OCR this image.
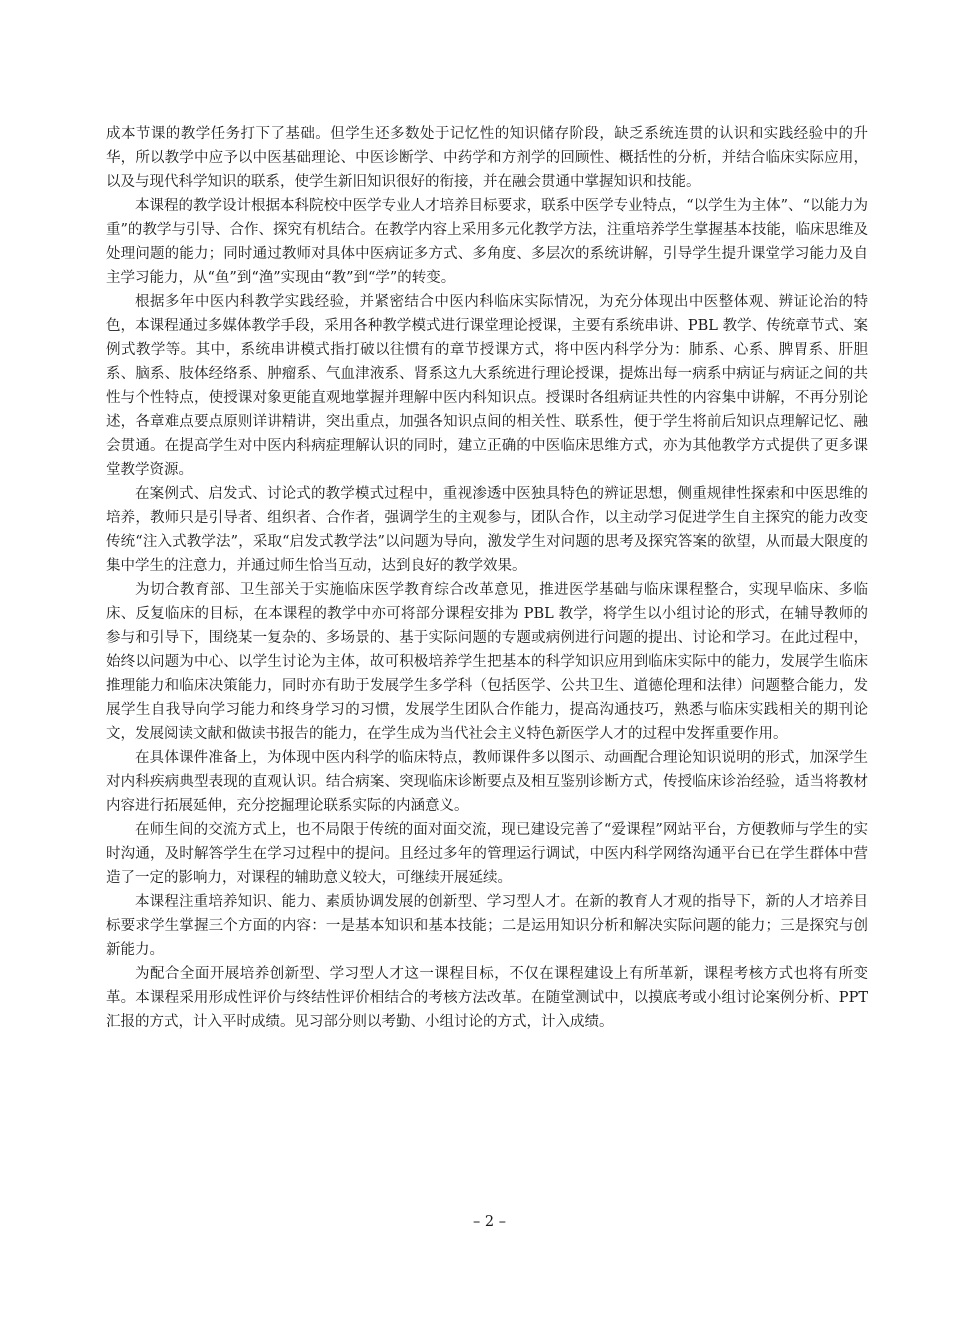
成本节课的教学任务打下了基础。但学生还多数处于记忆性的知识储存阶段，缺乏系统连贯的认识和实践经验中的升华，所以教学中应予以中医基础理论、中医诊断学、中药学和方剂学的回顾性、概括性的分析，并结合临床实际应用，以及与现代科学知识的联系，使学生新旧知识很好的衔接，并在融会贯通中掌握知识和技能。

本课程的教学设计根据本科院校中医学专业人才培养目标要求，联系中医学专业特点，“以学生为主体”、“以能力为重”的教学与引导、合作、探究有机结合。在教学内容上采用多元化教学方法，注重培养学生掌握基本技能，临床思维及处理问题的能力；同时通过教师对具体中医病证多方式、多角度、多层次的系统讲解，引导学生提升课堂学习能力及自主学习能力，从“鱼”到“渔”实现由“教”到“学”的转变。

根据多年中医内科教学实践经验，并紧密结合中医内科临床实际情况，为充分体现出中医整体观、辨证论治的特色，本课程通过多媒体教学手段，采用各种教学模式进行课堂理论授课，主要有系统串讲、PBL 教学、传统章节式、案例式教学等。其中，系统串讲模式指打破以往惯有的章节授课方式，将中医内科学分为：肺系、心系、脾胃系、肝胆系、脑系、肢体经络系、肿瘤系、气血津液系、肾系这九大系统进行理论授课，提炼出每一病系中病证与病证之间的共性与个性特点，使授课对象更能直观地掌握并理解中医内科知识点。授课时各组病证共性的内容集中讲解，不再分别论述，各章难点要点原则详讲精讲，突出重点，加强各知识点间的相关性、联系性，便于学生将前后知识点理解记忆、融会贯通。在提高学生对中医内科病症理解认识的同时，建立正确的中医临床思维方式，亦为其他教学方式提供了更多课堂教学资源。

在案例式、启发式、讨论式的教学模式过程中，重视渗透中医独具特色的辨证思想，侧重规律性探索和中医思维的培养，教师只是引导者、组织者、合作者，强调学生的主观参与，团队合作，以主动学习促进学生自主探究的能力改变传统“注入式教学法”，采取“启发式教学法”以问题为导向，激发学生对问题的思考及探究答案的欲望，从而最大限度的集中学生的注意力，并通过师生恰当互动，达到良好的教学效果。

为切合教育部、卫生部关于实施临床医学教育综合改革意见，推进医学基础与临床课程整合，实现早临床、多临床、反复临床的目标，在本课程的教学中亦可将部分课程安排为 PBL 教学，将学生以小组讨论的形式，在辅导教师的参与和引导下，围绕某一复杂的、多场景的、基于实际问题的专题或病例进行问题的提出、讨论和学习。在此过程中，始终以问题为中心、以学生讨论为主体，故可积极培养学生把基本的科学知识应用到临床实际中的能力，发展学生临床推理能力和临床决策能力，同时亦有助于发展学生多学科（包括医学、公共卫生、道德伦理和法律）问题整合能力，发展学生自我导向学习能力和终身学习的习惯，发展学生团队合作能力，提高沟通技巧，熟悉与临床实践相关的期刊论文，发展阅读文献和做读书报告的能力，在学生成为当代社会主义特色新医学人才的过程中发挥重要作用。

在具体课件准备上，为体现中医内科学的临床特点，教师课件多以图示、动画配合理论知识说明的形式，加深学生对内科疾病典型表现的直观认识。结合病案、突现临床诊断要点及相互鉴别诊断方式，传授临床诊治经验，适当将教材内容进行拓展延伸，充分挖掘理论联系实际的内涵意义。

在师生间的交流方式上，也不局限于传统的面对面交流，现已建设完善了“爱课程”网站平台，方便教师与学生的实时沟通，及时解答学生在学习过程中的提问。且经过多年的管理运行调试，中医内科学网络沟通平台已在学生群体中营造了一定的影响力，对课程的辅助意义较大，可继续开展延续。

本课程注重培养知识、能力、素质协调发展的创新型、学习型人才。在新的教育人才观的指导下，新的人才培养目标要求学生掌握三个方面的内容：一是基本知识和基本技能；二是运用知识分析和解决实际问题的能力；三是探究与创新能力。

为配合全面开展培养创新型、学习型人才这一课程目标，不仅在课程建设上有所革新，课程考核方式也将有所变革。本课程采用形成性评价与终结性评价相结合的考核方法改革。在随堂测试中，以摸底考或小组讨论案例分析、PPT 汇报的方式，计入平时成绩。见习部分则以考勤、小组讨论的方式，计入成绩。

– 2 –
